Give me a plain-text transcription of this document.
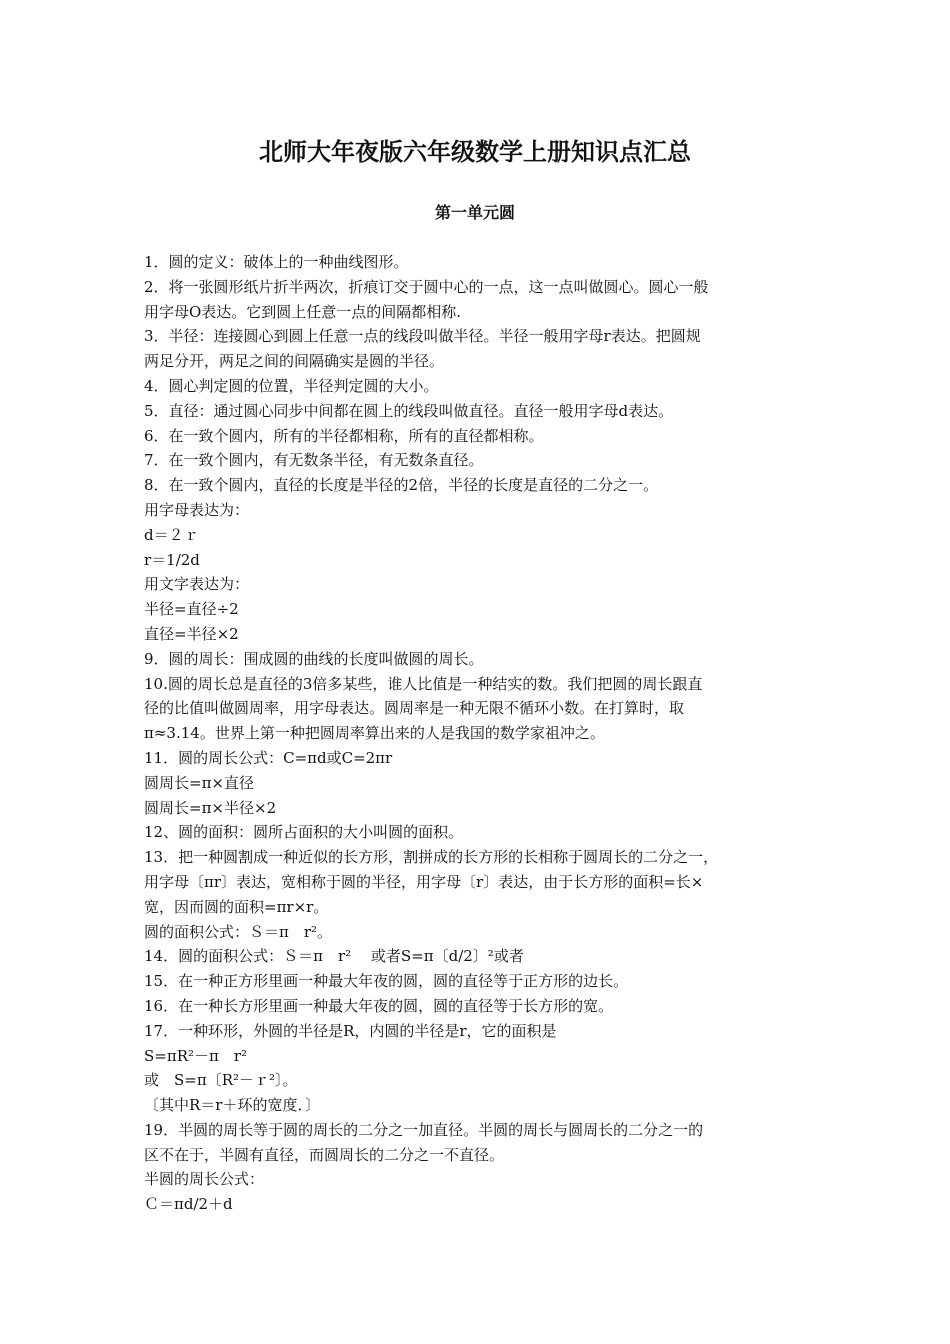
北师大年夜版六年级数学上册知识点汇总
第一单元圆
1．圆的定义：破体上的一种曲线图形。
2．将一张圆形纸片折半两次，折痕订交于圆中心的一点，这一点叫做圆心。圆心一般
用字母O表达。它到圆上任意一点的间隔都相称.
3．半径：连接圆心到圆上任意一点的线段叫做半径。半径一般用字母r表达。把圆规
两足分开，两足之间的间隔确实是圆的半径。
4．圆心判定圆的位置，半径判定圆的大小。
5．直径：通过圆心同步中间都在圆上的线段叫做直径。直径一般用字母d表达。
6．在一致个圆内，所有的半径都相称，所有的直径都相称。
7．在一致个圆内，有无数条半径，有无数条直径。
8．在一致个圆内，直径的长度是半径的2倍，半径的长度是直径的二分之一。
用字母表达为：
d＝２ｒ
r＝1/2d
用文字表达为：
半径=直径÷2
直径=半径×2
9．圆的周长：围成圆的曲线的长度叫做圆的周长。
10.圆的周长总是直径的3倍多某些，谁人比值是一种结实的数。我们把圆的周长跟直
径的比值叫做圆周率，用字母表达。圆周率是一种无限不循环小数。在打算时，取
π≈3.14。世界上第一种把圆周率算出来的人是我国的数学家祖冲之。
11．圆的周长公式：C=πd或C=2πr
圆周长=π×直径
圆周长=π×半径×2
12、圆的面积：圆所占面积的大小叫圆的面积。
13．把一种圆割成一种近似的长方形，割拼成的长方形的长相称于圆周长的二分之一，
用字母〔πr〕表达，宽相称于圆的半径，用字母〔r〕表达，由于长方形的面积=长×
宽，因而圆的面积=πr×r。
圆的面积公式：Ｓ＝π　r²。
14．圆的面积公式：Ｓ＝π　r²　 或者S=π〔d/2〕²或者
15．在一种正方形里画一种最大年夜的圆，圆的直径等于正方形的边长。
16．在一种长方形里画一种最大年夜的圆，圆的直径等于长方形的宽。
17．一种环形，外圆的半径是R，内圆的半径是r，它的面积是
S=πR²－π　r²
或　S=π〔R²－ｒ²〕。
〔其中R＝r＋环的宽度．〕
19．半圆的周长等于圆的周长的二分之一加直径。半圆的周长与圆周长的二分之一的
区不在于，半圆有直径，而圆周长的二分之一不直径。
半圆的周长公式：
Ｃ＝πd/2＋d
